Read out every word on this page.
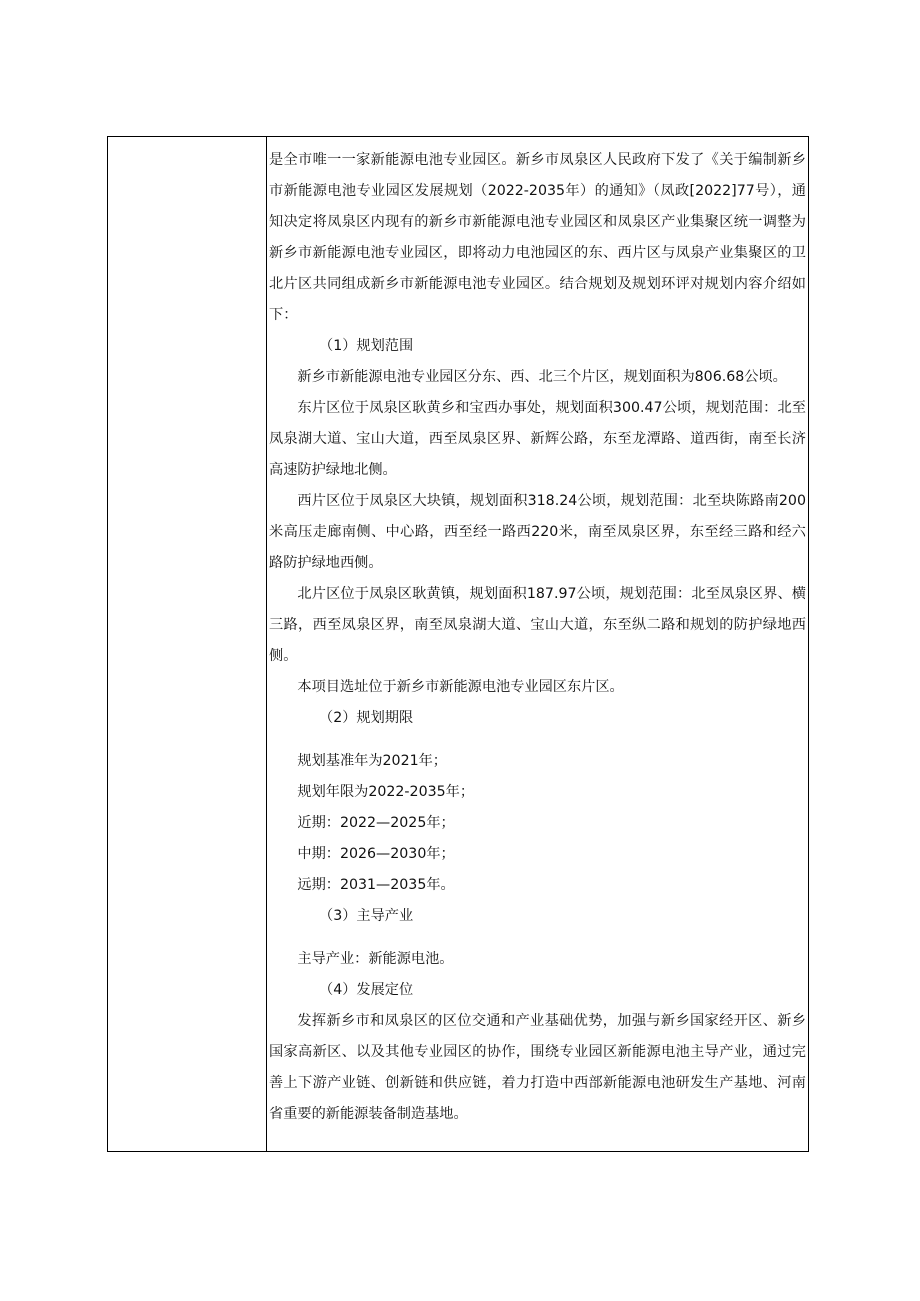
是全市唯一一家新能源电池专业园区。新乡市凤泉区人民政府下发了《关于编制新乡市新能源电池专业园区发展规划（2022-2035年）的通知》（凤政[2022]77号），通知决定将凤泉区内现有的新乡市新能源电池专业园区和凤泉区产业集聚区统一调整为新乡市新能源电池专业园区，即将动力电池园区的东、西片区与凤泉产业集聚区的卫北片区共同组成新乡市新能源电池专业园区。结合规划及规划环评对规划内容介绍如下：

（1）规划范围

新乡市新能源电池专业园区分东、西、北三个片区，规划面积为806.68公顷。

东片区位于凤泉区耿黄乡和宝西办事处，规划面积300.47公顷，规划范围：北至凤泉湖大道、宝山大道，西至凤泉区界、新辉公路，东至龙潭路、道西街，南至长济高速防护绿地北侧。

西片区位于凤泉区大块镇，规划面积318.24公顷，规划范围：北至块陈路南200米高压走廊南侧、中心路，西至经一路西220米，南至凤泉区界，东至经三路和经六路防护绿地西侧。

北片区位于凤泉区耿黄镇，规划面积187.97公顷，规划范围：北至凤泉区界、横三路，西至凤泉区界，南至凤泉湖大道、宝山大道，东至纵二路和规划的防护绿地西侧。

本项目选址位于新乡市新能源电池专业园区东片区。

（2）规划期限

规划基准年为2021年；

规划年限为2022-2035年；

近期：2022—2025年；

中期：2026—2030年；

远期：2031—2035年。

（3）主导产业

主导产业：新能源电池。

（4）发展定位

发挥新乡市和凤泉区的区位交通和产业基础优势，加强与新乡国家经开区、新乡国家高新区、以及其他专业园区的协作，围绕专业园区新能源电池主导产业，通过完善上下游产业链、创新链和供应链，着力打造中西部新能源电池研发生产基地、河南省重要的新能源装备制造基地。
